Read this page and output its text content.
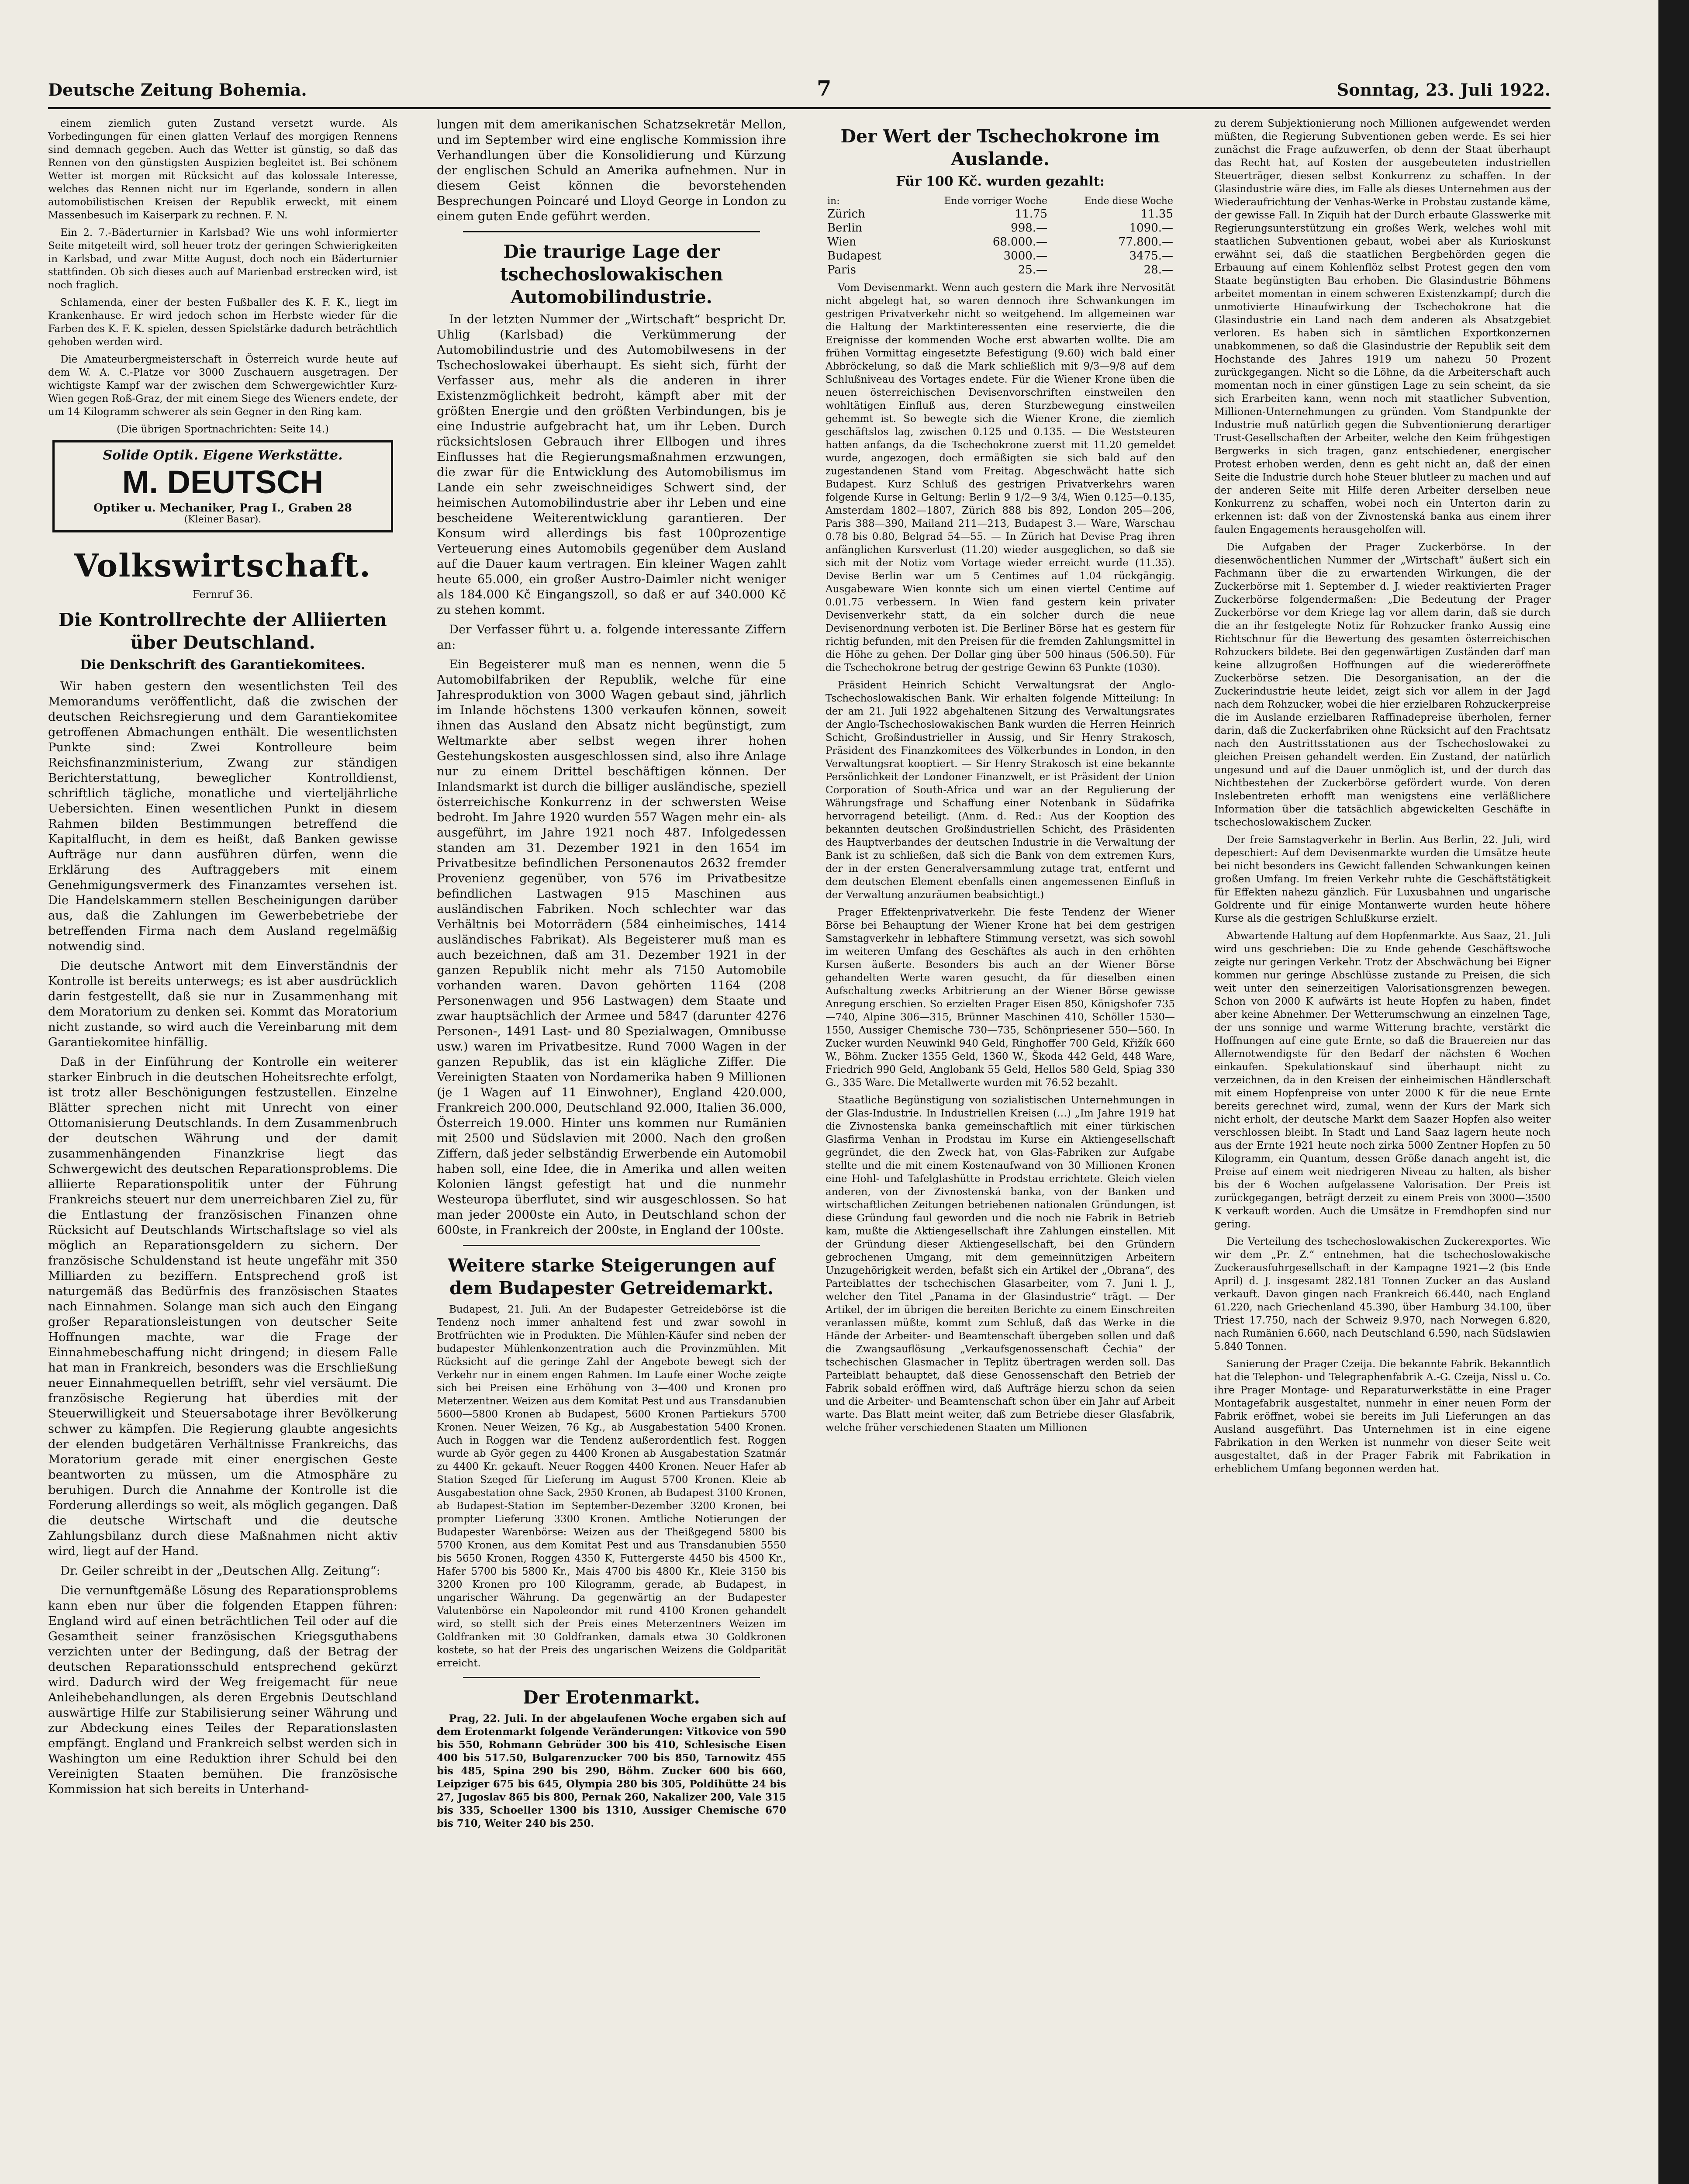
Deutsche Zeitung Bohemia.	7	Sonntag, 23. Juli 1922.

einem ziemlich guten Zustand versetzt wurde. Als Vorbedingungen für einen glatten Verlauf des morgigen Rennens sind demnach gegeben. Auch das Wetter ist günstig, so daß das Rennen von den günstigsten Auspizien begleitet ist. Bei schönem Wetter ist morgen mit Rücksicht auf das kolossale Interesse, welches das Rennen nicht nur im Egerlande, sondern in allen automobilistischen Kreisen der Republik erweckt, mit einem Massenbesuch im Kaiserpark zu rechnen. F. N.

Ein 2. 7.-Bäderturnier in Karlsbad? Wie uns wohl informierter Seite mitgeteilt wird, soll heuer trotz der geringen Schwierigkeiten in Karlsbad, und zwar Mitte August, doch noch ein Bäderturnier stattfinden. Ob sich dieses auch auf Marienbad erstrecken wird, ist noch fraglich.

Schlamenda, einer der besten Fußballer des K. F. K., liegt im Krankenhause. Er wird jedoch schon im Herbste wieder für die Farben des K. F. K. spielen, dessen Spielstärke dadurch beträchtlich gehoben werden wird.

Die Amateurbergmeisterschaft in Österreich wurde heute auf dem W. A. C.-Platze vor 3000 Zuschauern ausgetragen. Der wichtigste Kampf war der zwischen dem Schwergewichtler Kurz-Wien gegen Roß-Graz, der mit einem Siege des Wieners endete, der um 14 Kilogramm schwerer als sein Gegner in den Ring kam.

(Die übrigen Sportnachrichten: Seite 14.)

Solide Optik. Eigene Werkstätte.
M. DEUTSCH
Optiker u. Mechaniker, Prag I., Graben 28
(Kleiner Basar).
Volkswirtschaft.
Fernruf 36.
Die Kontrollrechte der Alliierten über Deutschland.
Die Denkschrift des Garantiekomitees.

Wir haben gestern den wesentlichsten Teil des Memorandums veröffentlicht, daß die zwischen der deutschen Reichsregierung und dem Garantiekomitee getroffenen Abmachungen enthält. Die wesentlichsten Punkte sind: Zwei Kontrolleure beim Reichsfinanzministerium, Zwang zur ständigen Berichterstattung, beweglicher Kontrolldienst, schriftlich tägliche, monatliche und vierteljährliche Uebersichten. Einen wesentlichen Punkt in diesem Rahmen bilden Bestimmungen betreffend die Kapitalflucht, in dem es heißt, daß Banken gewisse Aufträge nur dann ausführen dürfen, wenn die Erklärung des Auftraggebers mit einem Genehmigungsvermerk des Finanzamtes versehen ist. Die Handelskammern stellen Bescheinigungen darüber aus, daß die Zahlungen im Gewerbebetriebe der betreffenden Firma nach dem Ausland regelmäßig notwendig sind.

Die deutsche Antwort mit dem Einverständnis der Kontrolle ist bereits unterwegs; es ist aber ausdrücklich darin festgestellt, daß sie nur in Zusammenhang mit dem Moratorium zu denken sei. Kommt das Moratorium nicht zustande, so wird auch die Vereinbarung mit dem Garantiekomitee hinfällig.

Daß in der Einführung der Kontrolle ein weiterer starker Einbruch in die deutschen Hoheitsrechte erfolgt, ist trotz aller Beschönigungen festzustellen. Einzelne Blätter sprechen nicht mit Unrecht von einer Ottomanisierung Deutschlands. In dem Zusammenbruch der deutschen Währung und der damit zusammenhängenden Finanzkrise liegt das Schwergewicht des deutschen Reparationsproblems. Die alliierte Reparationspolitik unter der Führung Frankreichs steuert nur dem unerreichbaren Ziel zu, für die Entlastung der französischen Finanzen ohne Rücksicht auf Deutschlands Wirtschaftslage so viel als möglich an Reparationsgeldern zu sichern. Der französische Schuldenstand ist heute ungefähr mit 350 Milliarden zu beziffern. Entsprechend groß ist naturgemäß das Bedürfnis des französischen Staates nach Einnahmen. Solange man sich auch den Eingang großer Reparationsleistungen von deutscher Seite Hoffnungen machte, war die Frage der Einnahmebeschaffung nicht dringend; in diesem Falle hat man in Frankreich, besonders was die Erschließung neuer Einnahmequellen betrifft, sehr viel versäumt. Die französische Regierung hat überdies mit der Steuerwilligkeit und Steuersabotage ihrer Bevölkerung schwer zu kämpfen. Die Regierung glaubte angesichts der elenden budgetären Verhältnisse Frankreichs, das Moratorium gerade mit einer energischen Geste beantworten zu müssen, um die Atmosphäre zu beruhigen. Durch die Annahme der Kontrolle ist die Forderung allerdings so weit, als möglich gegangen. Daß die deutsche Wirtschaft und die deutsche Zahlungsbilanz durch diese Maßnahmen nicht aktiv wird, liegt auf der Hand.

Dr. Geiler schreibt in der „Deutschen Allg. Zeitung“:

Die vernunftgemäße Lösung des Reparationsproblems kann eben nur über die folgenden Etappen führen: England wird auf einen beträchtlichen Teil oder auf die Gesamtheit seiner französischen Kriegsguthabens verzichten unter der Bedingung, daß der Betrag der deutschen Reparationsschuld entsprechend gekürzt wird. Dadurch wird der Weg freigemacht für neue Anleihebehandlungen, als deren Ergebnis Deutschland auswärtige Hilfe zur Stabilisierung seiner Währung und zur Abdeckung eines Teiles der Reparationslasten empfängt. England und Frankreich selbst werden sich in Washington um eine Reduktion ihrer Schuld bei den Vereinigten Staaten bemühen. Die französische Kommission hat sich bereits in Unterhand-

lungen mit dem amerikanischen Schatzsekretär Mellon, und im September wird eine englische Kommission ihre Verhandlungen über die Konsolidierung und Kürzung der englischen Schuld an Amerika aufnehmen. Nur in diesem Geist können die bevorstehenden Besprechungen Poincaré und Lloyd George in London zu einem guten Ende geführt werden.

Die traurige Lage der tschechoslowakischen Automobilindustrie.

In der letzten Nummer der „Wirtschaft“ bespricht Dr. Uhlig (Karlsbad) die Verkümmerung der Automobilindustrie und des Automobilwesens in der Tschechoslowakei überhaupt. Es sieht sich, fürht der Verfasser aus, mehr als die anderen in ihrer Existenzmöglichkeit bedroht, kämpft aber mit der größten Energie und den größten Verbindungen, bis je eine Industrie aufgebracht hat, um ihr Leben. Durch rücksichtslosen Gebrauch ihrer Ellbogen und ihres Einflusses hat die Regierungsmaßnahmen erzwungen, die zwar für die Entwicklung des Automobilismus im Lande ein sehr zweischneidiges Schwert sind, der heimischen Automobilindustrie aber ihr Leben und eine bescheidene Weiterentwicklung garantieren. Der Konsum wird allerdings bis fast 100prozentige Verteuerung eines Automobils gegenüber dem Ausland auf die Dauer kaum vertragen. Ein kleiner Wagen zahlt heute 65.000, ein großer Austro-Daimler nicht weniger als 184.000 Kč Eingangszoll, so daß er auf 340.000 Kč zu stehen kommt.

Der Verfasser führt u. a. folgende interessante Ziffern an:

Ein Begeisterer muß man es nennen, wenn die 5 Automobilfabriken der Republik, welche für eine Jahresproduktion von 3000 Wagen gebaut sind, jährlich im Inlande höchstens 1300 verkaufen können, soweit ihnen das Ausland den Absatz nicht begünstigt, zum Weltmarkte aber selbst wegen ihrer hohen Gestehungskosten ausgeschlossen sind, also ihre Anlage nur zu einem Drittel beschäftigen können. Der Inlandsmarkt ist durch die billiger ausländische, speziell österreichische Konkurrenz in der schwersten Weise bedroht. Im Jahre 1920 wurden 557 Wagen mehr ein- als ausgeführt, im Jahre 1921 noch 487. Infolgedessen standen am 31. Dezember 1921 in den 1654 im Privatbesitze befindlichen Personenautos 2632 fremder Provenienz gegenüber, von 576 im Privatbesitze befindlichen Lastwagen 915 Maschinen aus ausländischen Fabriken. Noch schlechter war das Verhältnis bei Motorrädern (584 einheimisches, 1414 ausländisches Fabrikat). Als Begeisterer muß man es auch bezeichnen, daß am 31. Dezember 1921 in der ganzen Republik nicht mehr als 7150 Automobile vorhanden waren. Davon gehörten 1164 (208 Personenwagen und 956 Lastwagen) dem Staate und zwar hauptsächlich der Armee und 5847 (darunter 4276 Personen-, 1491 Last- und 80 Spezialwagen, Omnibusse usw.) waren im Privatbesitze. Rund 7000 Wagen in der ganzen Republik, das ist ein klägliche Ziffer. Die Vereinigten Staaten von Nordamerika haben 9 Millionen (je 1 Wagen auf 11 Einwohner), England 420.000, Frankreich 200.000, Deutschland 92.000, Italien 36.000, Österreich 19.000. Hinter uns kommen nur Rumänien mit 2500 und Südslavien mit 2000. Nach den großen Ziffern, daß jeder selbständig Erwerbende ein Automobil haben soll, eine Idee, die in Amerika und allen weiten Kolonien längst gefestigt hat und die nunmehr Westeuropa überflutet, sind wir ausgeschlossen. So hat man jeder 2000ste ein Auto, in Deutschland schon der 600ste, in Frankreich der 200ste, in England der 100ste.

Weitere starke Steigerungen auf dem Budapester Getreidemarkt.

Budapest, 21. Juli. An der Budapester Getreidebörse ist die Tendenz noch immer anhaltend fest und zwar sowohl in Brotfrüchten wie in Produkten. Die Mühlen-Käufer sind neben der budapester Mühlenkonzentration auch die Provinzmühlen. Mit Rücksicht auf die geringe Zahl der Angebote bewegt sich der Verkehr nur in einem engen Rahmen. Im Laufe einer Woche zeigte sich bei Preisen eine Erhöhung von 3—400 und Kronen pro Meterzentner. Weizen aus dem Komitat Pest und aus Transdanubien 5600—5800 Kronen ab Budapest, 5600 Kronen Partiekurs 5700 Kronen. Neuer Weizen, 76 Kg., ab Ausgabestation 5400 Kronen. Auch in Roggen war die Tendenz außerordentlich fest. Roggen wurde ab Györ gegen zu 4400 Kronen ab Ausgabestation Szatmár zu 4400 Kr. gekauft. Neuer Roggen 4400 Kronen. Neuer Hafer ab Station Szeged für Lieferung im August 5700 Kronen. Kleie ab Ausgabestation ohne Sack, 2950 Kronen, ab Budapest 3100 Kronen, ab Budapest-Station im September-Dezember 3200 Kronen, bei prompter Lieferung 3300 Kronen. Amtliche Notierungen der Budapester Warenbörse: Weizen aus der Theißgegend 5800 bis 5700 Kronen, aus dem Komitat Pest und aus Transdanubien 5550 bis 5650 Kronen, Roggen 4350 K, Futtergerste 4450 bis 4500 Kr., Hafer 5700 bis 5800 Kr., Mais 4700 bis 4800 Kr., Kleie 3150 bis 3200 Kronen pro 100 Kilogramm, gerade, ab Budapest, in ungarischer Währung. Da gegenwärtig an der Budapester Valutenbörse ein Napoleondor mit rund 4100 Kronen gehandelt wird, so stellt sich der Preis eines Meterzentners Weizen im Goldfranken mit 30 Goldfranken, damals etwa 30 Goldkronen kostete, so hat der Preis des ungarischen Weizens die Goldparität erreicht.

Der Erotenmarkt.

Prag, 22. Juli. In der abgelaufenen Woche ergaben sich auf dem Erotenmarkt folgende Veränderungen: Vitkovice von 590 bis 550, Rohmann Gebrüder 300 bis 410, Schlesische Eisen 400 bis 517.50, Bulgarenzucker 700 bis 850, Tarnowitz 455 bis 485, Spina 290 bis 290, Böhm. Zucker 600 bis 660, Leipziger 675 bis 645, Olympia 280 bis 305, Poldihütte 24 bis 27, Jugoslav 865 bis 800, Pernak 260, Nakalizer 200, Vale 315 bis 335, Schoeller 1300 bis 1310, Aussiger Chemische 670 bis 710, Weiter 240 bis 250.

Der Wert der Tschechokrone im Auslande.
Für 100 Kč. wurden gezahlt:
in:	Ende vorriger Woche	Ende diese Woche
Zürich	11.75	11.35
Berlin	998.—	1090.—
Wien	68.000.—	77.800.—
Budapest	3000.—	3475.—
Paris	25.—	28.—

Vom Devisenmarkt. Wenn auch gestern die Mark ihre Nervosität nicht abgelegt hat, so waren dennoch ihre Schwankungen im gestrigen Privatverkehr nicht so weitgehend. Im allgemeinen war die Haltung der Marktinteressenten eine reservierte, die die Ereignisse der kommenden Woche erst abwarten wollte. Die am frühen Vormittag eingesetzte Befestigung (9.60) wich bald einer Abbröckelung, so daß die Mark schließlich mit 9/3—9/8 auf dem Schlußniveau des Vortages endete. Für die Wiener Krone üben die neuen österreichischen Devisenvorschriften einstweilen den wohltätigen Einfluß aus, deren Sturzbewegung einstweilen gehemmt ist. So bewegte sich die Wiener Krone, die ziemlich geschäftslos lag, zwischen 0.125 und 0.135. — Die Weststeuren hatten anfangs, da die Tschechokrone zuerst mit 11.20 gemeldet wurde, angezogen, doch ermäßigten sie sich bald auf den zugestandenen Stand vom Freitag. Abgeschwächt hatte sich Budapest. Kurz Schluß des gestrigen Privatverkehrs waren folgende Kurse in Geltung: Berlin 9 1/2—9 3/4, Wien 0.125—0.135, Amsterdam 1802—1807, Zürich 888 bis 892, London 205—206, Paris 388—390, Mailand 211—213, Budapest 3.— Ware, Warschau 0.78 bis 0.80, Belgrad 54—55. — In Zürich hat Devise Prag ihren anfänglichen Kursverlust (11.20) wieder ausgeglichen, so daß sie sich mit der Notiz vom Vortage wieder erreicht wurde (11.35). Devise Berlin war um 5 Centimes auf 1.04 rückgängig. Ausgabeware Wien konnte sich um einen viertel Centime auf 0.01.75 verbessern. In Wien fand gestern kein privater Devisenverkehr statt, da ein solcher durch die neue Devisenordnung verboten ist. Die Berliner Börse hat es gestern für richtig befunden, mit den Preisen für die fremden Zahlungsmittel in die Höhe zu gehen. Der Dollar ging über 500 hinaus (506.50). Für die Tschechokrone betrug der gestrige Gewinn 63 Punkte (1030).

Präsident Heinrich Schicht Verwaltungsrat der Anglo-Tschechoslowakischen Bank. Wir erhalten folgende Mitteilung: In der am 21. Juli 1922 abgehaltenen Sitzung des Verwaltungsrates der Anglo-Tschechoslowakischen Bank wurden die Herren Heinrich Schicht, Großindustrieller in Aussig, und Sir Henry Strakosch, Präsident des Finanzkomitees des Völkerbundes in London, in den Verwaltungsrat kooptiert. — Sir Henry Strakosch ist eine bekannte Persönlichkeit der Londoner Finanzwelt, er ist Präsident der Union Corporation of South-Africa und war an der Regulierung der Währungsfrage und Schaffung einer Notenbank in Südafrika hervorragend beteiligt. (Anm. d. Red.: Aus der Kooption des bekannten deutschen Großindustriellen Schicht, des Präsidenten des Hauptverbandes der deutschen Industrie in die Verwaltung der Bank ist zu schließen, daß sich die Bank von dem extremen Kurs, der in der ersten Generalversammlung zutage trat, entfernt und dem deutschen Element ebenfalls einen angemessenen Einfluß in der Verwaltung anzuräumen beabsichtigt.)

Prager Effektenprivatverkehr. Die feste Tendenz der Wiener Börse bei Behauptung der Wiener Krone hat bei dem gestrigen Samstagverkehr in lebhaftere Stimmung versetzt, was sich sowohl im weiteren Umfang des Geschäftes als auch in den erhöhten Kursen äußerte. Besonders bis auch an der Wiener Börse gehandelten Werte waren gesucht, da für dieselben einen Aufschaltung zwecks Arbitrierung an der Wiener Börse gewisse Anregung erschien. So erzielten Prager Eisen 850, Königshofer 735—740, Alpine 306—315, Brünner Maschinen 410, Schöller 1530—1550, Aussiger Chemische 730—735, Schönpriesener 550—560. In Zucker wurden Neuwinkl 940 Geld, Ringhoffer 700 Geld, Křižík 660 W., Böhm. Zucker 1355 Geld, 1360 W., Škoda 442 Geld, 448 Ware, Friedrich 990 Geld, Anglobank 55 Geld, Hellos 580 Geld, Spiag 330 G., 335 Ware. Die Metallwerte wurden mit 76.52 bezahlt.

Staatliche Begünstigung von sozialistischen Unternehmungen in der Glas-Industrie. In Industriellen Kreisen (…) „Im Jahre 1919 hat die Zivnostenska banka gemeinschaftlich mit einer türkischen Glasfirma Venhan in Prodstau im Kurse ein Aktiengesellschaft gegründet, die den Zweck hat, von Glas-Fabriken zur Aufgabe stellte und die mit einem Kostenaufwand von 30 Millionen Kronen eine Hohl- und Tafelglashütte in Prodstau errichtete. Gleich vielen anderen, von der Zivnostenská banka, von der Banken und wirtschaftlichen Zeitungen betriebenen nationalen Gründungen, ist diese Gründung faul geworden und die noch nie Fabrik in Betrieb kam, mußte die Aktiengesellschaft ihre Zahlungen einstellen. Mit der Gründung dieser Aktiengesellschaft, bei den Gründern gebrochenen Umgang, mit dem gemeinnützigen Arbeitern Unzugehörigkeit werden, befaßt sich ein Artikel der „Obrana“, des Parteiblattes der tschechischen Glasarbeiter, vom 7. Juni l. J., welcher den Titel „Panama in der Glasindustrie“ trägt. — Der Artikel, der im übrigen die bereiten Berichte zu einem Einschreiten veranlassen müßte, kommt zum Schluß, daß das Werke in die Hände der Arbeiter- und Beamtenschaft übergeben sollen und daß die Zwangsauflösung „Verkaufsgenossenschaft Čechia“ der tschechischen Glasmacher in Teplitz übertragen werden soll. Das Parteiblatt behauptet, daß diese Genossenschaft den Betrieb der Fabrik sobald eröffnen wird, daß Aufträge hierzu schon da seien und die Arbeiter- und Beamtenschaft schon über ein Jahr auf Arbeit warte. Das Blatt meint weiter, daß zum Betriebe dieser Glasfabrik, welche früher verschiedenen Staaten um Millionen

zu derem Subjektionierung noch Millionen aufgewendet werden müßten, die Regierung Subventionen geben werde. Es sei hier zunächst die Frage aufzuwerfen, ob denn der Staat überhaupt das Recht hat, auf Kosten der ausgebeuteten industriellen Steuerträger, diesen selbst Konkurrenz zu schaffen. In der Glasindustrie wäre dies, im Falle als dieses Unternehmen aus der Wiederaufrichtung der Venhas-Werke in Probstau zustande käme, der gewisse Fall. In Ziquih hat der Durch erbaute Glasswerke mit Regierungsunterstützung ein großes Werk, welches wohl mit staatlichen Subventionen gebaut, wobei aber als Kurioskunst erwähnt sei, daß die staatlichen Bergbehörden gegen die Erbauung auf einem Kohlenflöz selbst Protest gegen den vom Staate begünstigten Bau erhoben. Die Glasindustrie Böhmens arbeitet momentan in einem schweren Existenzkampf; durch die unmotivierte Hinaufwirkung der Tschechokrone hat die Glasindustrie ein Land nach dem anderen als Absatzgebiet verloren. Es haben sich in sämtlichen Exportkonzernen unabkommenen, so daß die Glasindustrie der Republik seit dem Hochstande des Jahres 1919 um nahezu 50 Prozent zurückgegangen. Nicht so die Löhne, da die Arbeiterschaft auch momentan noch in einer günstigen Lage zu sein scheint, da sie sich Erarbeiten kann, wenn noch mit staatlicher Subvention, Millionen-Unternehmungen zu gründen. Vom Standpunkte der Industrie muß natürlich gegen die Subventionierung derartiger Trust-Gesellschaften der Arbeiter, welche den Keim frühgestigen Bergwerks in sich tragen, ganz entschiedener, energischer Protest erhoben werden, denn es geht nicht an, daß der einen Seite die Industrie durch hohe Steuer blutleer zu machen und auf der anderen Seite mit Hilfe deren Arbeiter derselben neue Konkurrenz zu schaffen, wobei noch ein Unterton darin zu erkennen ist: daß von der Zivnostenská banka aus einem ihrer faulen Engagements herausgeholfen will.

Die Aufgaben der Prager Zuckerbörse. In der diesenwöchentlichen Nummer der „Wirtschaft“ äußert sich ein Fachmann über die zu erwartenden Wirkungen, die der Zuckerbörse mit 1. September d. J. wieder reaktivierten Prager Zuckerbörse folgendermaßen: „Die Bedeutung der Prager Zuckerbörse vor dem Kriege lag vor allem darin, daß sie durch die an ihr festgelegte Notiz für Rohzucker franko Aussig eine Richtschnur für die Bewertung des gesamten österreichischen Rohzuckers bildete. Bei den gegenwärtigen Zuständen darf man keine allzugroßen Hoffnungen auf die wiedereröffnete Zuckerbörse setzen. Die Desorganisation, an der die Zuckerindustrie heute leidet, zeigt sich vor allem in der Jagd nach dem Rohzucker, wobei die hier erzielbaren Rohzuckerpreise die im Auslande erzielbaren Raffinadepreise überholen, ferner darin, daß die Zuckerfabriken ohne Rücksicht auf den Frachtsatz nach den Austrittsstationen aus der Tschechoslowakei zu gleichen Preisen gehandelt werden. Ein Zustand, der natürlich ungesund und auf die Dauer unmöglich ist, und der durch das Nichtbestehen der Zuckerbörse gefördert wurde. Von deren Inslebentreten erhofft man wenigstens eine verläßlichere Information über die tatsächlich abgewickelten Geschäfte in tschechoslowakischem Zucker.

Der freie Samstagverkehr in Berlin. Aus Berlin, 22. Juli, wird depeschiert: Auf dem Devisenmarkte wurden die Umsätze heute bei nicht besonders ins Gewicht fallenden Schwankungen keinen großen Umfang. Im freien Verkehr ruhte die Geschäftstätigkeit für Effekten nahezu gänzlich. Für Luxusbahnen und ungarische Goldrente und für einige Montanwerte wurden heute höhere Kurse als die gestrigen Schlußkurse erzielt.

Abwartende Haltung auf dem Hopfenmarkte. Aus Saaz, 21. Juli wird uns geschrieben: Die zu Ende gehende Geschäftswoche zeigte nur geringen Verkehr. Trotz der Abschwächung bei Eigner kommen nur geringe Abschlüsse zustande zu Preisen, die sich weit unter den seinerzeitigen Valorisationsgrenzen bewegen. Schon von 2000 K aufwärts ist heute Hopfen zu haben, findet aber keine Abnehmer. Der Wetterumschwung an einzelnen Tage, der uns sonnige und warme Witterung brachte, verstärkt die Hoffnungen auf eine gute Ernte, so daß die Brauereien nur das Allernotwendigste für den Bedarf der nächsten 6 Wochen einkaufen. Spekulationskauf sind überhaupt nicht zu verzeichnen, da in den Kreisen der einheimischen Händlerschaft mit einem Hopfenpreise von unter 2000 K für die neue Ernte bereits gerechnet wird, zumal, wenn der Kurs der Mark sich nicht erholt, der deutsche Markt dem Saazer Hopfen also weiter verschlossen bleibt. In Stadt und Land Saaz lagern heute noch aus der Ernte 1921 heute noch zirka 5000 Zentner Hopfen zu 50 Kilogramm, ein Quantum, dessen Größe danach angeht ist, die Preise auf einem weit niedrigeren Niveau zu halten, als bisher bis der 6 Wochen aufgelassene Valorisation. Der Preis ist zurückgegangen, beträgt derzeit zu einem Preis von 3000—3500 K verkauft worden. Auch die Umsätze in Fremdhopfen sind nur gering.

Die Verteilung des tschechoslowakischen Zuckerexportes. Wie wir dem „Pr. Z.“ entnehmen, hat die tschechoslowakische Zuckerausfuhrgesellschaft in der Kampagne 1921—2 (bis Ende April) d. J. insgesamt 282.181 Tonnen Zucker an das Ausland verkauft. Davon gingen nach Frankreich 66.440, nach England 61.220, nach Griechenland 45.390, über Hamburg 34.100, über Triest 17.750, nach der Schweiz 9.970, nach Norwegen 6.820, nach Rumänien 6.660, nach Deutschland 6.590, nach Südslawien 5.840 Tonnen.

Sanierung der Prager Czeija. Die bekannte Fabrik. Bekanntlich hat die Telephon- und Telegraphenfabrik A.-G. Czeija, Nissl u. Co. ihre Prager Montage- und Reparaturwerkstätte in eine Prager Montagefabrik ausgestaltet, nunmehr in einer neuen Form der Fabrik eröffnet, wobei sie bereits im Juli Lieferungen an das Ausland ausgeführt. Das Unternehmen ist in eine eigene Fabrikation in den Werken ist nunmehr von dieser Seite weit ausgestaltet, daß in der Prager Fabrik mit Fabrikation in erheblichem Umfang begonnen werden hat.
